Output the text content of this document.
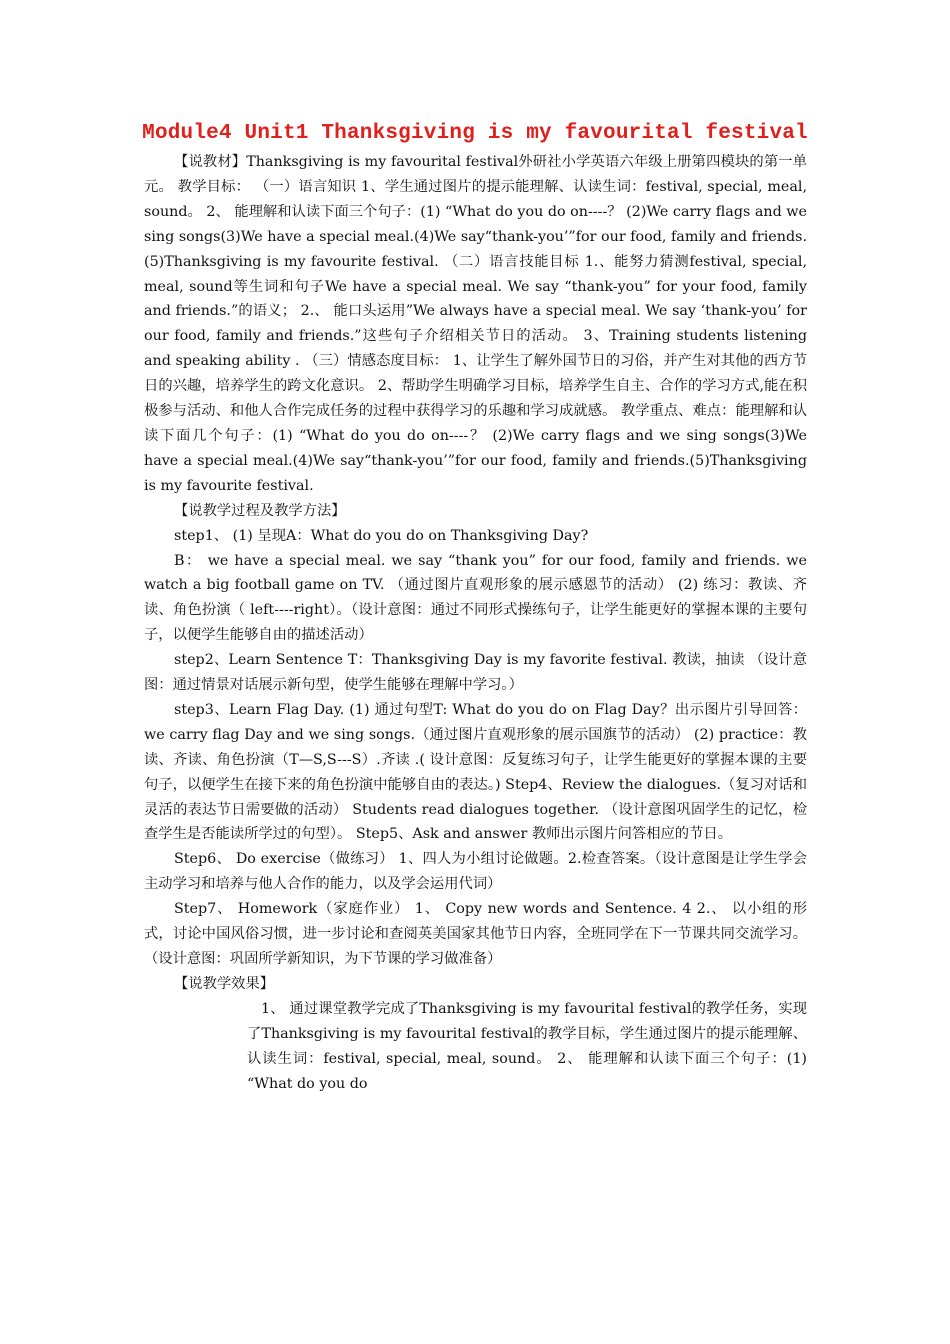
Module4 Unit1 Thanksgiving is my favourital festival

【说教材】Thanksgiving is my favourital festival外研社小学英语六年级上册第四模块的第一单元。 教学目标： （一）语言知识 1、学生通过图片的提示能理解、认读生词：festival, special, meal, sound。 2、 能理解和认读下面三个句子：(1) “What do you do on----？ (2)We carry flags and we sing songs(3)We have a special meal.(4)We say“thank-you’”for our food, family and friends.(5)Thanksgiving is my favourite festival. （二）语言技能目标 1.、能努力猜测festival, special, meal, sound等生词和句子We have a special meal. We say “thank-you” for your food, family and friends.”的语义； 2.、 能口头运用”We always have a special meal. We say ‘thank-you’ for our food, family and friends.”这些句子介绍相关节日的活动。 3、Training students listening and speaking ability . （三）情感态度目标： 1、让学生了解外国节日的习俗，并产生对其他的西方节日的兴趣，培养学生的跨文化意识。 2、帮助学生明确学习目标，培养学生自主、合作的学习方式,能在积极参与活动、和他人合作完成任务的过程中获得学习的乐趣和学习成就感。 教学重点、难点：能理解和认读下面几个句子：(1) “What do you do on----？ (2)We carry flags and we sing songs(3)We have a special meal.(4)We say“thank-you’”for our food, family and friends.(5)Thanksgiving is my favourite festival.

【说教学过程及教学方法】

step1、 (1) 呈现A：What do you do on Thanksgiving Day?

B： we have a special meal. we say “thank you” for our food, family and friends. we watch a big football game on TV. （通过图片直观形象的展示感恩节的活动） (2) 练习：教读、齐读、角色扮演（ left----right）。（设计意图：通过不同形式操练句子，让学生能更好的掌握本课的主要句子，以便学生能够自由的描述活动）

step2、Learn Sentence T：Thanksgiving Day is my favorite festival. 教读，抽读 （设计意图：通过情景对话展示新句型，使学生能够在理解中学习。）

step3、Learn Flag Day. (1) 通过句型T: What do you do on Flag Day？出示图片引导回答：we carry flag Day and we sing songs.（通过图片直观形象的展示国旗节的活动） (2) practice：教读、齐读、角色扮演（T—S,S---S）.齐读 .( 设计意图：反复练习句子，让学生能更好的掌握本课的主要句子，以便学生在接下来的角色扮演中能够自由的表达。) Step4、Review the dialogues.（复习对话和灵活的表达节日需要做的活动） Students read dialogues together. （设计意图巩固学生的记忆，检查学生是否能读所学过的句型）。 Step5、Ask and answer 教师出示图片问答相应的节日。

Step6、 Do exercise（做练习） 1、四人为小组讨论做题。2.检查答案。（设计意图是让学生学会主动学习和培养与他人合作的能力，以及学会运用代词）

Step7、 Homework（家庭作业） 1、 Copy new words and Sentence. 4 2.、 以小组的形式，讨论中国风俗习惯，进一步讨论和查阅英美国家其他节日内容，全班同学在下一节课共同交流学习。 （设计意图：巩固所学新知识，为下节课的学习做准备）

【说教学效果】

1、 通过课堂教学完成了Thanksgiving is my favourital festival的教学任务，实现了Thanksgiving is my favourital festival的教学目标，学生通过图片的提示能理解、认读生词：festival, special, meal, sound。 2、 能理解和认读下面三个句子：(1) “What do you do
